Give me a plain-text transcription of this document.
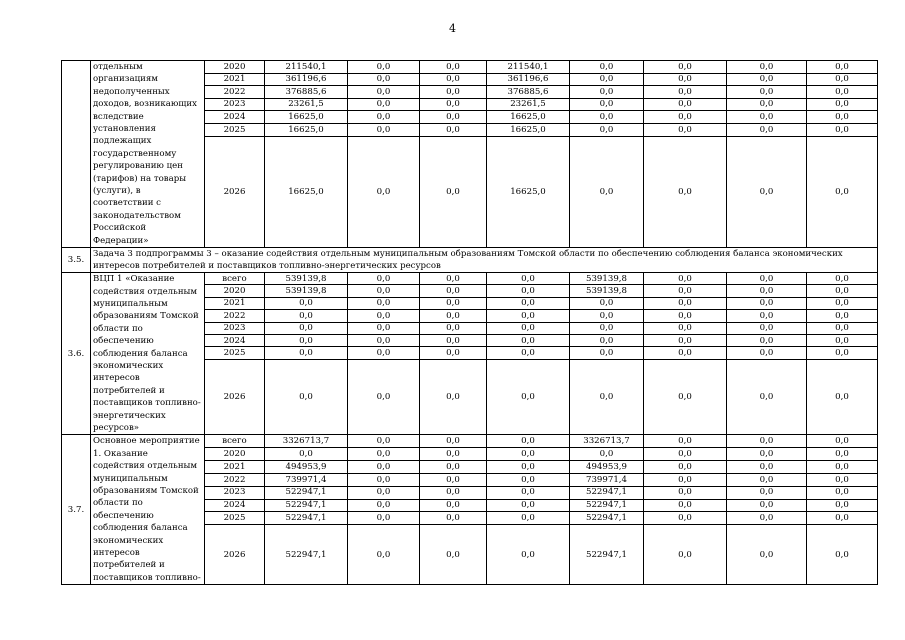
4
	отдельным организациям недополученных доходов, возникающих вследствие установления подлежащих государственному регулированию цен (тарифов) на товары (услуги), в соответствии с законодательством Российской Федерации»	2020	211540,1	0,0	0,0	211540,1	0,0	0,0	0,0	0,0
		2021	361196,6	0,0	0,0	361196,6	0,0	0,0	0,0	0,0
		2022	376885,6	0,0	0,0	376885,6	0,0	0,0	0,0	0,0
		2023	23261,5	0,0	0,0	23261,5	0,0	0,0	0,0	0,0
		2024	16625,0	0,0	0,0	16625,0	0,0	0,0	0,0	0,0
		2025	16625,0	0,0	0,0	16625,0	0,0	0,0	0,0	0,0
		2026	16625,0	0,0	0,0	16625,0	0,0	0,0	0,0	0,0
3.5.	Задача 3 подпрограммы 3 – оказание содействия отдельным муниципальным образованиям Томской области по обеспечению соблюдения баланса экономических интересов потребителей и поставщиков топливно-энергетических ресурсов									
3.6.	ВЦП 1 «Оказание содействия отдельным муниципальным образованиям Томской области по обеспечению соблюдения баланса экономических интересов потребителей и поставщиков топливно-энергетических ресурсов»	всего	539139,8	0,0	0,0	0,0	539139,8	0,0	0,0	0,0
		2020	539139,8	0,0	0,0	0,0	539139,8	0,0	0,0	0,0
		2021	0,0	0,0	0,0	0,0	0,0	0,0	0,0	0,0
		2022	0,0	0,0	0,0	0,0	0,0	0,0	0,0	0,0
		2023	0,0	0,0	0,0	0,0	0,0	0,0	0,0	0,0
		2024	0,0	0,0	0,0	0,0	0,0	0,0	0,0	0,0
		2025	0,0	0,0	0,0	0,0	0,0	0,0	0,0	0,0
		2026	0,0	0,0	0,0	0,0	0,0	0,0	0,0	0,0
3.7.	Основное мероприятие 1. Оказание содействия отдельным муниципальным образованиям Томской области по обеспечению соблюдения баланса экономических интересов потребителей и поставщиков топливно-	всего	3326713,7	0,0	0,0	0,0	3326713,7	0,0	0,0	0,0
		2020	0,0	0,0	0,0	0,0	0,0	0,0	0,0	0,0
		2021	494953,9	0,0	0,0	0,0	494953,9	0,0	0,0	0,0
		2022	739971,4	0,0	0,0	0,0	739971,4	0,0	0,0	0,0
		2023	522947,1	0,0	0,0	0,0	522947,1	0,0	0,0	0,0
		2024	522947,1	0,0	0,0	0,0	522947,1	0,0	0,0	0,0
		2025	522947,1	0,0	0,0	0,0	522947,1	0,0	0,0	0,0
		2026	522947,1	0,0	0,0	0,0	522947,1	0,0	0,0	0,0
